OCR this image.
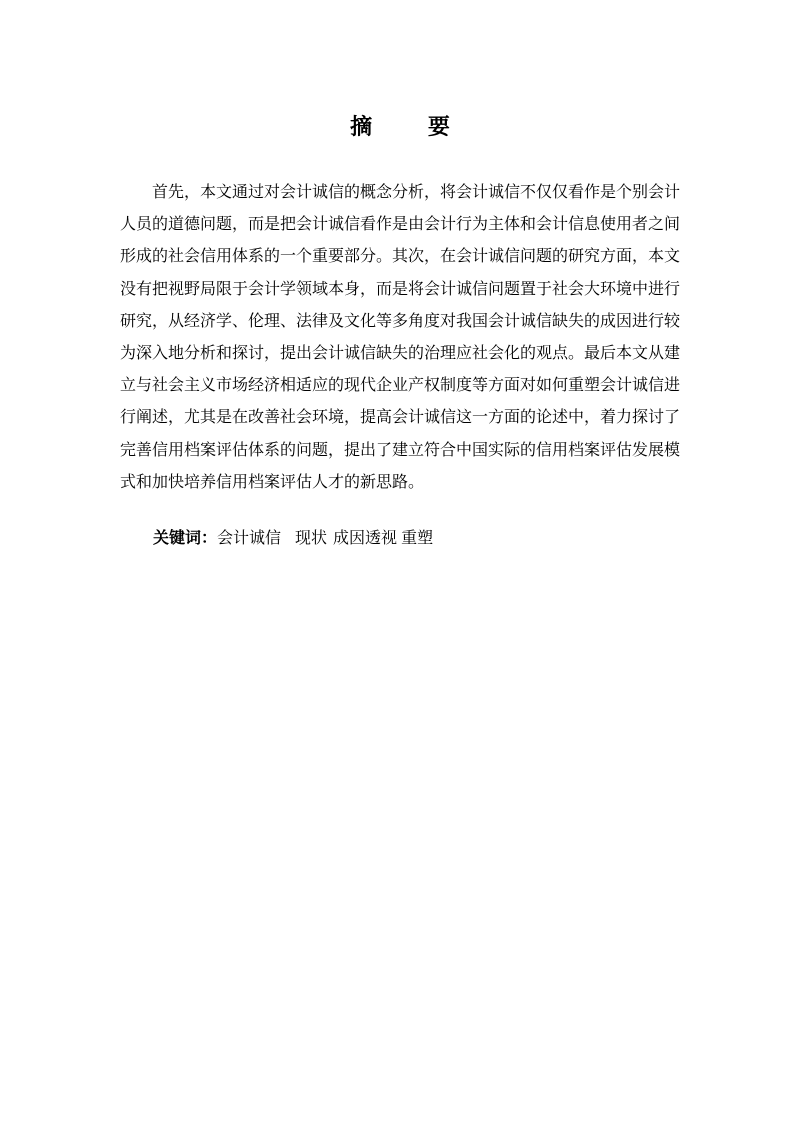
摘 要

首先，本文通过对会计诚信的概念分析，将会计诚信不仅仅看作是个别会计人员的道德问题，而是把会计诚信看作是由会计行为主体和会计信息使用者之间形成的社会信用体系的一个重要部分。其次，在会计诚信问题的研究方面，本文没有把视野局限于会计学领域本身，而是将会计诚信问题置于社会大环境中进行研究，从经济学、伦理、法律及文化等多角度对我国会计诚信缺失的成因进行较为深入地分析和探讨，提出会计诚信缺失的治理应社会化的观点。最后本文从建立与社会主义市场经济相适应的现代企业产权制度等方面对如何重塑会计诚信进行阐述，尤其是在改善社会环境，提高会计诚信这一方面的论述中，着力探讨了完善信用档案评估体系的问题，提出了建立符合中国实际的信用档案评估发展模式和加快培养信用档案评估人才的新思路。

关键词：会计诚信 现状 成因透视 重塑
